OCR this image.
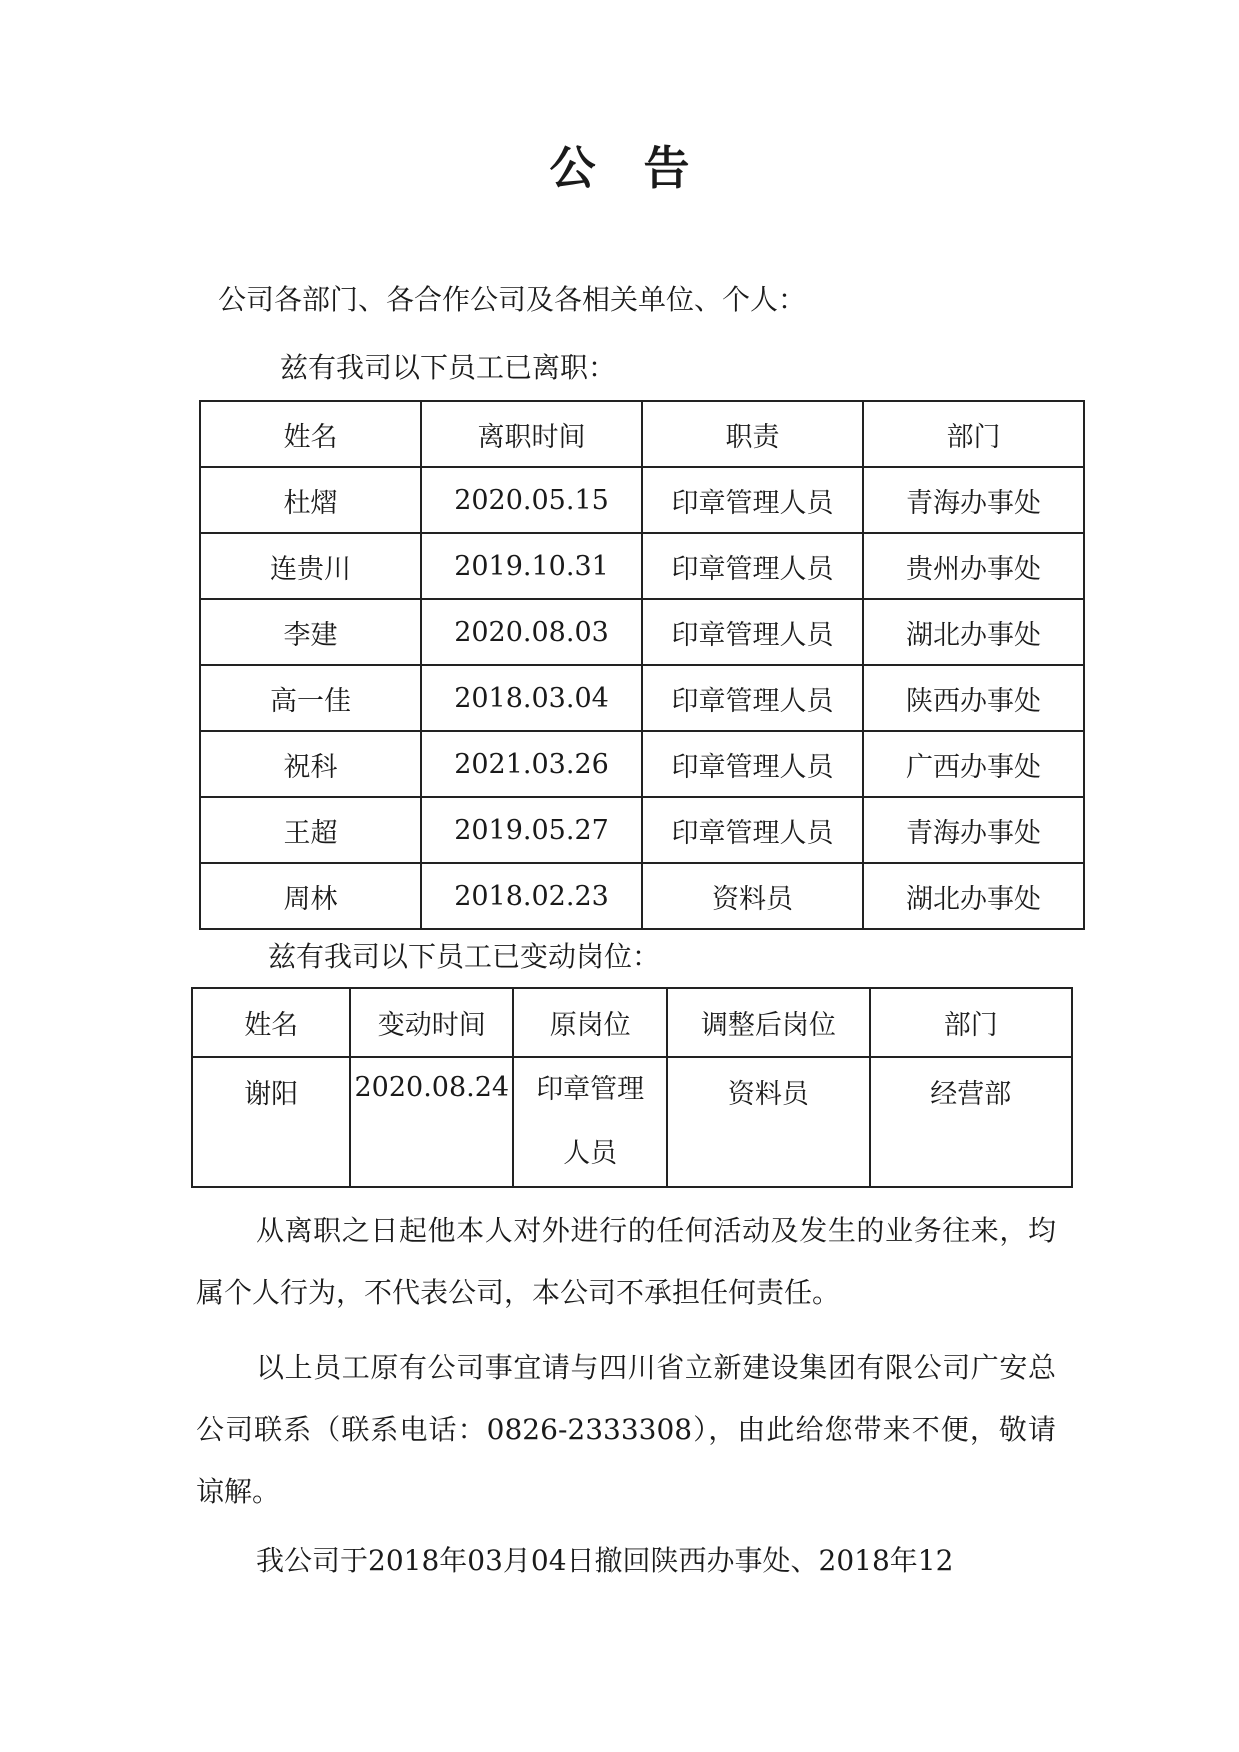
公告
公司各部门、各合作公司及各相关单位、个人：
兹有我司以下员工已离职：
姓名	离职时间	职责	部门
杜熠	2020.05.15	印章管理人员	青海办事处
连贵川	2019.10.31	印章管理人员	贵州办事处
李建	2020.08.03	印章管理人员	湖北办事处
高一佳	2018.03.04	印章管理人员	陕西办事处
祝科	2021.03.26	印章管理人员	广西办事处
王超	2019.05.27	印章管理人员	青海办事处
周林	2018.02.23	资料员	湖北办事处
兹有我司以下员工已变动岗位：
姓名	变动时间	原岗位	调整后岗位	部门
谢阳	2020.08.24	印章管理人员	资料员	经营部

从离职之日起他本人对外进行的任何活动及发生的业务往来，均属个人行为，不代表公司，本公司不承担任何责任。

以上员工原有公司事宜请与四川省立新建设集团有限公司广安总公司联系（联系电话：0826-2333308），由此给您带来不便，敬请谅解。

我公司于2018年03月04日撤回陕西办事处、2018年12
